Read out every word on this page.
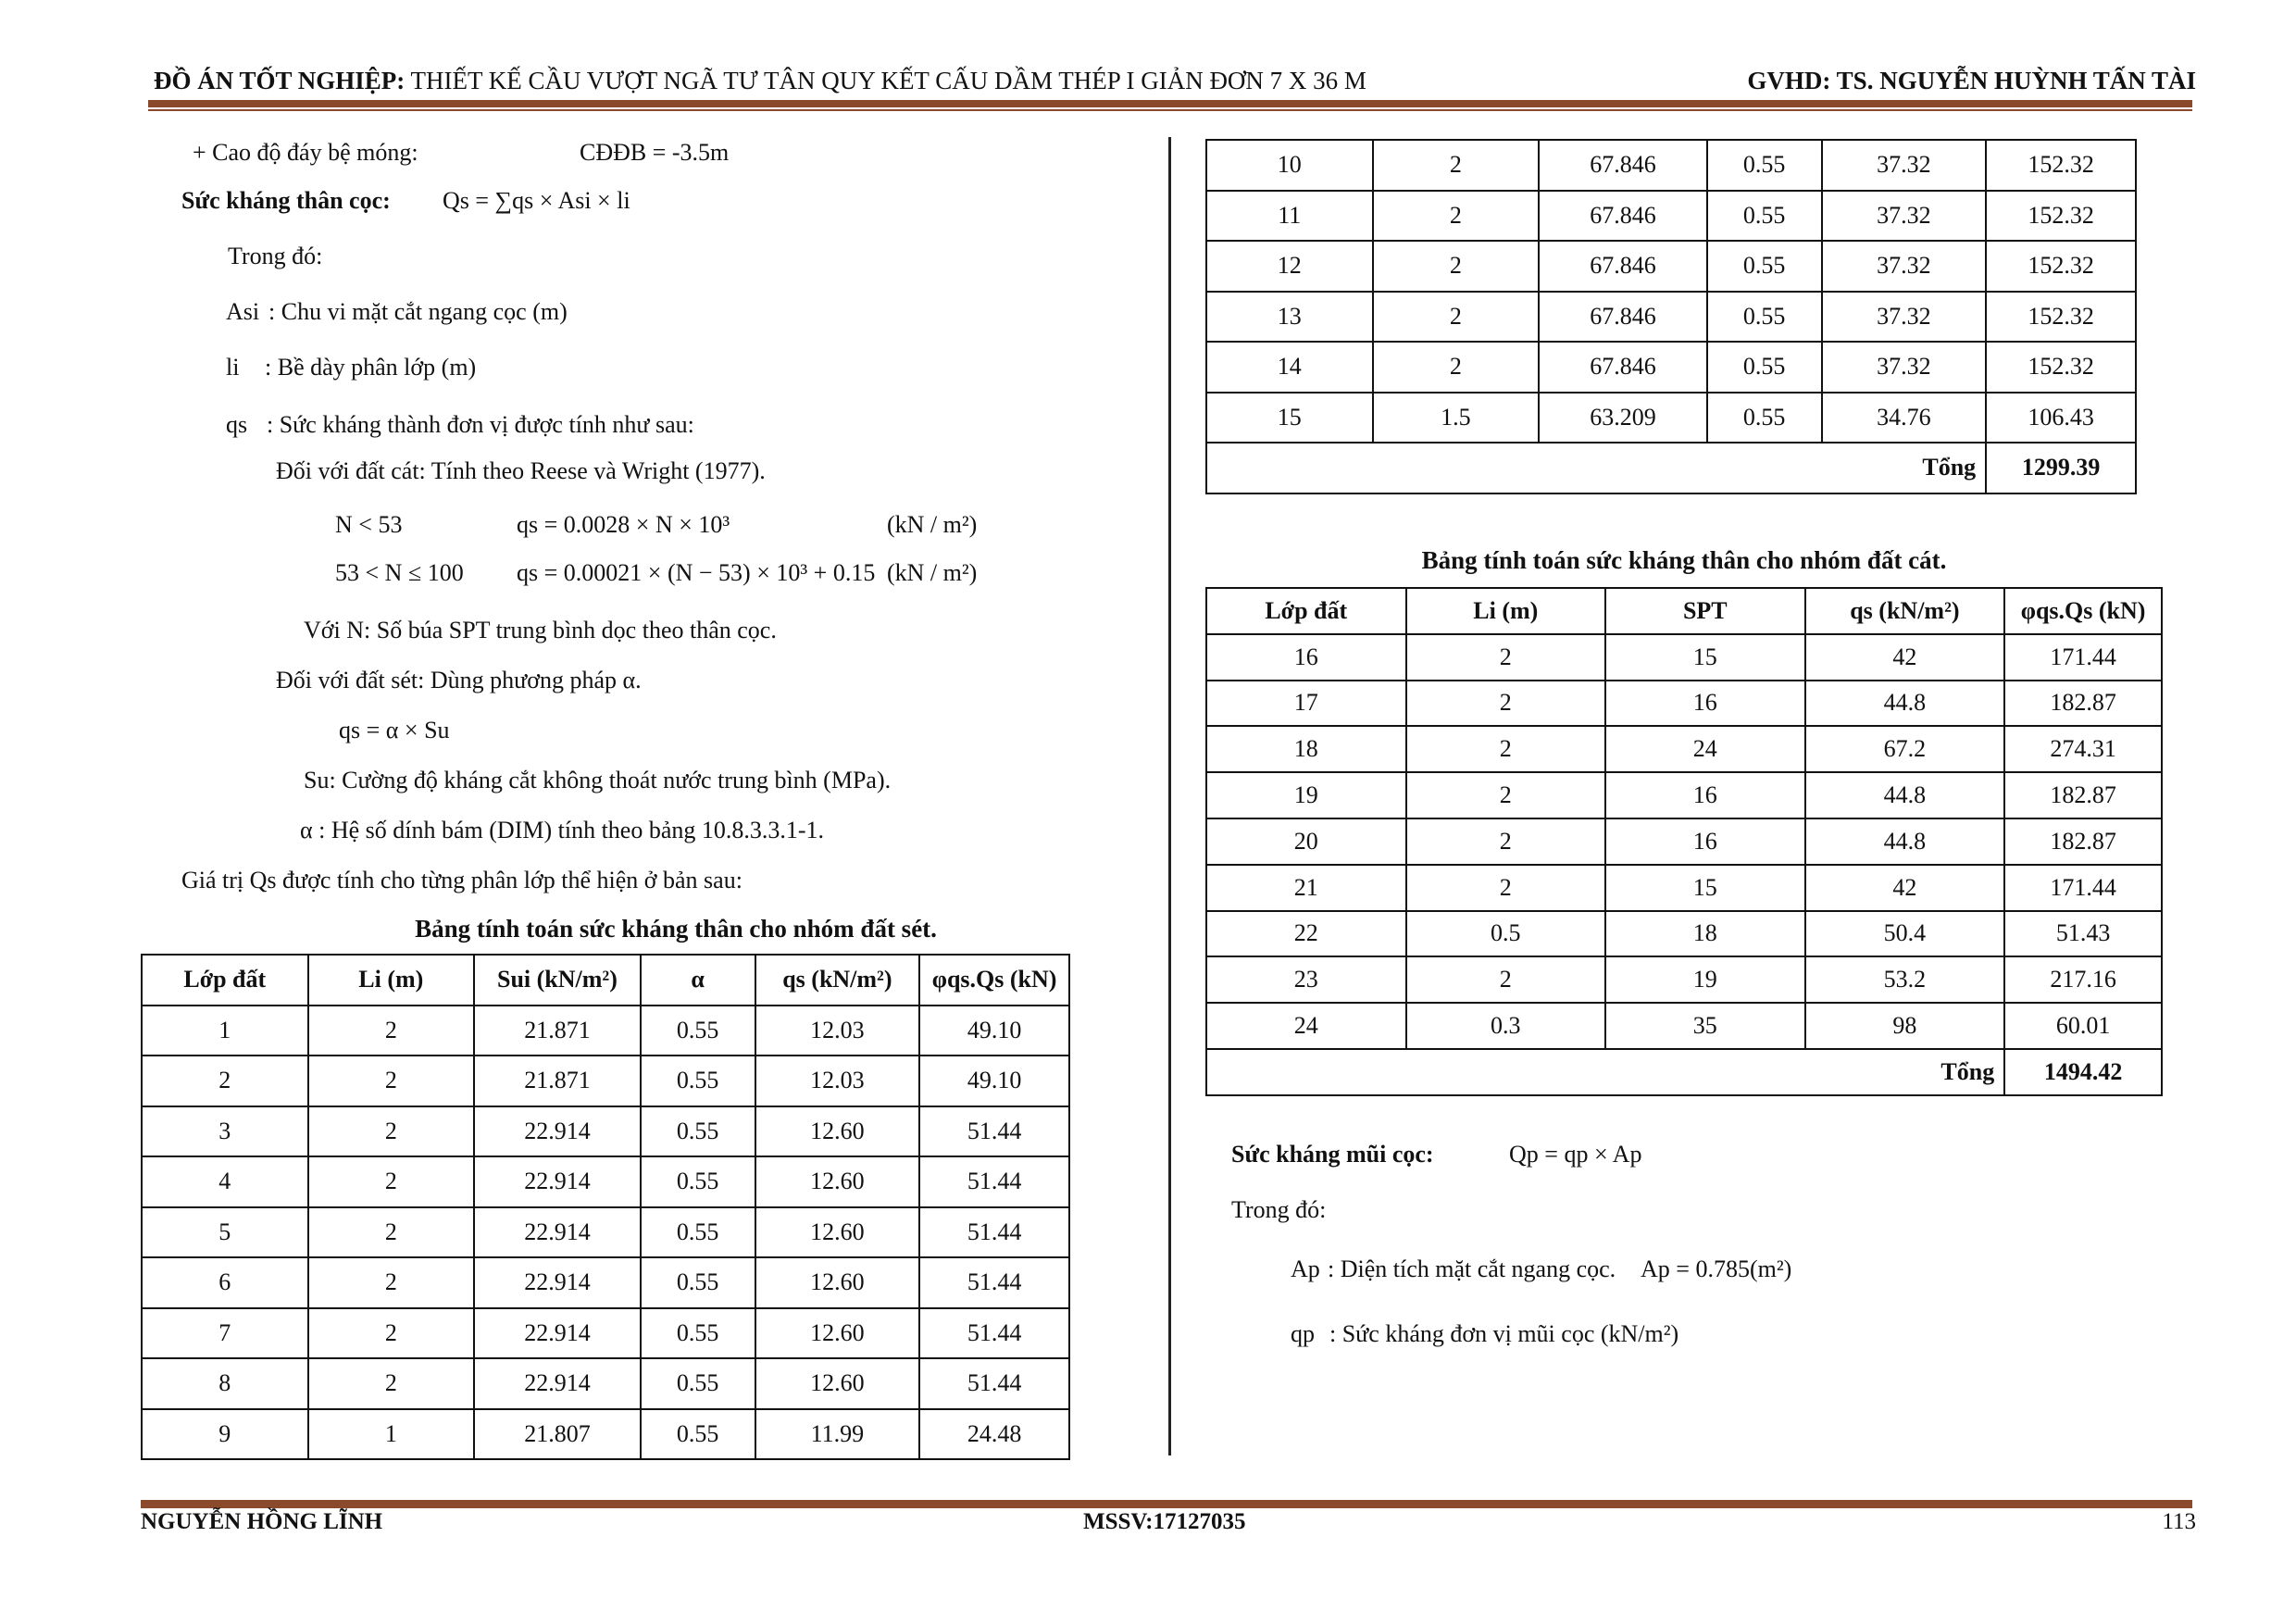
ĐỒ ÁN TỐT NGHIỆP: THIẾT KẾ CẦU VƯỢT NGÃ TƯ TÂN QUY KẾT CẤU DẦM THÉP I GIẢN ĐƠN 7 X 36 M	GVHD: TS. NGUYỄN HUỲNH TẤN TÀI
+ Cao độ đáy bệ móng:	CĐĐB = -3.5m
Sức kháng thân cọc: Qs = ∑qs × Asi × li
Trong đó:
Asi : Chu vi mặt cắt ngang cọc (m)
li : Bề dày phân lớp (m)
qs : Sức kháng thành đơn vị được tính như sau:
Đối với đất cát: Tính theo Reese và Wright (1977).
N < 53	qs = 0.0028 × N × 10³	(kN / m²)
53 < N ≤ 100 qs = 0.00021 × (N − 53) × 10³ + 0.15 (kN / m²)
Với N: Số búa SPT trung bình dọc theo thân cọc.
Đối với đất sét: Dùng phương pháp α.
qs = α × Su
Su: Cường độ kháng cắt không thoát nước trung bình (MPa).
α : Hệ số dính bám (DIM) tính theo bảng 10.8.3.3.1-1.
Giá trị Qs được tính cho từng phân lớp thể hiện ở bản sau:
Bảng tính toán sức kháng thân cho nhóm đất sét.
Lớp đất	Li (m)	Sui (kN/m²)	α	qs (kN/m²)	φqs.Qs (kN)
1	2	21.871	0.55	12.03	49.10
2	2	21.871	0.55	12.03	49.10
3	2	22.914	0.55	12.60	51.44
4	2	22.914	0.55	12.60	51.44
5	2	22.914	0.55	12.60	51.44
6	2	22.914	0.55	12.60	51.44
7	2	22.914	0.55	12.60	51.44
8	2	22.914	0.55	12.60	51.44
9	1	21.807	0.55	11.99	24.48
10	2	67.846	0.55	37.32	152.32
11	2	67.846	0.55	37.32	152.32
12	2	67.846	0.55	37.32	152.32
13	2	67.846	0.55	37.32	152.32
14	2	67.846	0.55	37.32	152.32
15	1.5	63.209	0.55	34.76	106.43
Tổng					1299.39
Bảng tính toán sức kháng thân cho nhóm đất cát.
Lớp đất	Li (m)	SPT	qs (kN/m²)	φqs.Qs (kN)
16	2	15	42	171.44
17	2	16	44.8	182.87
18	2	24	67.2	274.31
19	2	16	44.8	182.87
20	2	16	44.8	182.87
21	2	15	42	171.44
22	0.5	18	50.4	51.43
23	2	19	53.2	217.16
24	0.3	35	98	60.01
Tổng				1494.42
Sức kháng mũi cọc:	Qp = qp × Ap
Trong đó:
Ap : Diện tích mặt cắt ngang cọc. Ap = 0.785(m²)
qp : Sức kháng đơn vị mũi cọc (kN/m²)
NGUYỄN HỒNG LĨNH	MSSV:17127035	113
